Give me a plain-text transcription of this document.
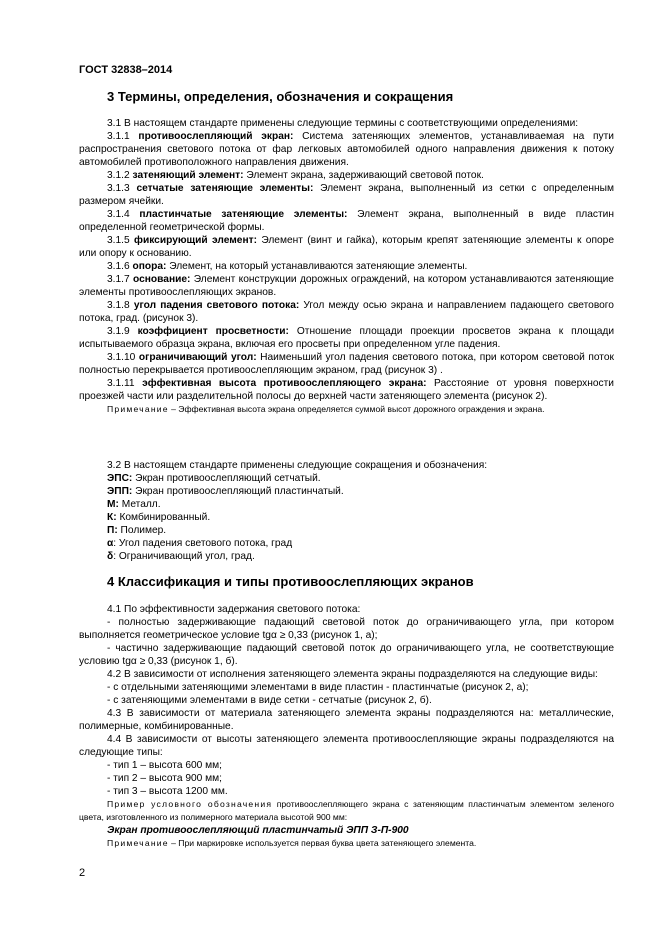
ГОСТ 32838–2014
3 Термины, определения, обозначения и сокращения

3.1 В настоящем стандарте применены следующие термины с соответствующими определениями:

3.1.1 противоослепляющий экран: Система затеняющих элементов, устанавливаемая на пути распространения светового потока от фар легковых автомобилей одного направления движения к потоку автомобилей противоположного направления движения.

3.1.2 затеняющий элемент: Элемент экрана, задерживающий световой поток.

3.1.3 сетчатые затеняющие элементы: Элемент экрана, выполненный из сетки с определенным размером ячейки.

3.1.4 пластинчатые затеняющие элементы: Элемент экрана, выполненный в виде пластин определенной геометрической формы.

3.1.5 фиксирующий элемент: Элемент (винт и гайка), которым крепят затеняющие элементы к опоре или опору к основанию.

3.1.6 опора: Элемент, на который устанавливаются затеняющие элементы.

3.1.7 основание: Элемент конструкции дорожных ограждений, на котором устанавливаются затеняющие элементы противоослепляющих экранов.

3.1.8 угол падения светового потока: Угол между осью экрана и направлением падающего светового потока, град. (рисунок 3).

3.1.9 коэффициент просветности: Отношение площади проекции просветов экрана к площади испытываемого образца экрана, включая его просветы при определенном угле падения.

3.1.10 ограничивающий угол: Наименьший угол падения светового потока, при котором световой поток полностью перекрывается противоослепляющим экраном, град (рисунок 3) .

3.1.11 эффективная высота противоослепляющего экрана: Расстояние от уровня поверхности проезжей части или разделительной полосы до верхней части затеняющего элемента (рисунок 2).

Примечание – Эффективная высота экрана определяется суммой высот дорожного ограждения и экрана.

3.2 В настоящем стандарте применены следующие сокращения и обозначения:

ЭПС: Экран противоослепляющий сетчатый.

ЭПП: Экран противоослепляющий пластинчатый.

М: Металл.

К: Комбинированный.

П: Полимер.

α: Угол падения светового потока, град

δ: Ограничивающий угол, град.

4 Классификация и типы противоослепляющих экранов

4.1 По эффективности задержания светового потока:

- полностью задерживающие падающий световой поток до ограничивающего угла, при котором выполняется геометрическое условие tgα ≥ 0,33 (рисунок 1, а);

- частично задерживающие падающий световой поток до ограничивающего угла, не соответствующие условию tgα ≥ 0,33 (рисунок 1, б).

4.2 В зависимости от исполнения затеняющего элемента экраны подразделяются на следующие виды:

- с отдельными затеняющими элементами в виде пластин - пластинчатые (рисунок 2, а);

- с затеняющими элементами в виде сетки - сетчатые (рисунок 2, б).

4.3 В зависимости от материала затеняющего элемента экраны подразделяются на: металлические, полимерные, комбинированные.

4.4 В зависимости от высоты затеняющего элемента противоослепляющие экраны подразделяются на следующие типы:

- тип 1 – высота 600 мм;

- тип 2 – высота 900 мм;

- тип 3 – высота 1200 мм.

Пример условного обозначения противоослепляющего экрана с затеняющим пластинчатым элементом зеленого цвета, изготовленного из полимерного материала высотой 900 мм:

Экран противоослепляющий пластинчатый ЭПП З-П-900

Примечание – При маркировке используется первая буква цвета затеняющего элемента.

2
